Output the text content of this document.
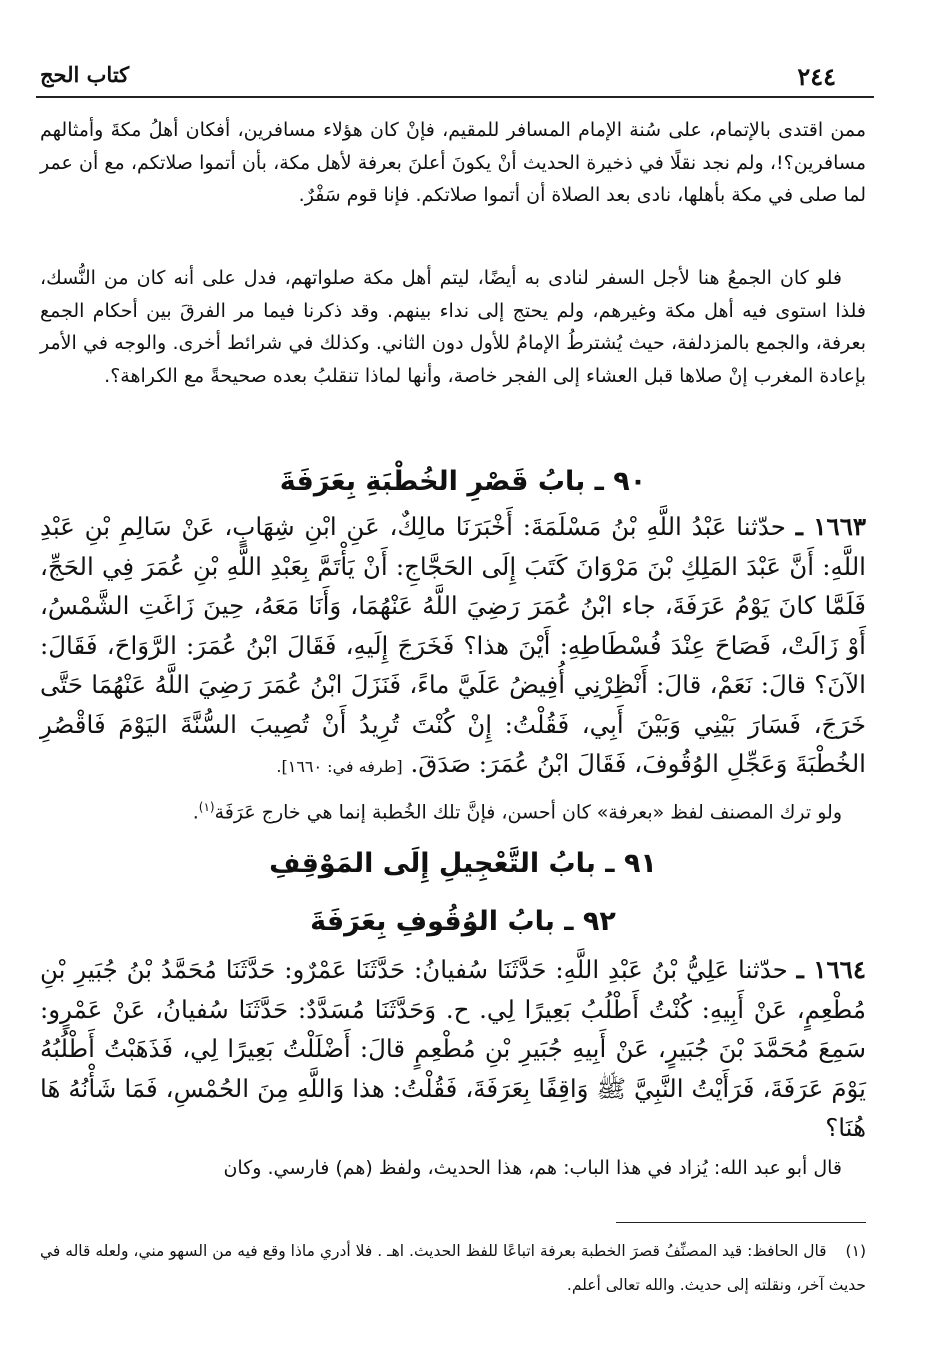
٢٤٤
كتاب الحج
ممن اقتدى بالإتمام، على سُنة الإمام المسافر للمقيم، فإنْ كان هؤلاء مسافرين، أفكان أهلُ مكةَ وأمثالهم مسافرين؟!، ولم نجد نقلًا في ذخيرة الحديث أنْ يكونَ أعلنَ بعرفة لأهل مكة، بأن أتموا صلاتكم، مع أن عمر لما صلى في مكة بأهلها، نادى بعد الصلاة أن أتموا صلاتكم. فإنا قوم سَفْرٌ.
فلو كان الجمعُ هنا لأجل السفر لنادى به أيضًا، ليتم أهل مكة صلواتهم، فدل على أنه كان من النُّسك، فلذا استوى فيه أهل مكة وغيرهم، ولم يحتج إلى نداء بينهم. وقد ذكرنا فيما مر الفرقَ بين أحكام الجمع بعرفة، والجمع بالمزدلفة، حيث يُشترطُ الإمامُ للأول دون الثاني. وكذلك في شرائط أخرى. والوجه في الأمر بإعادة المغرب إنْ صلاها قبل العشاء إلى الفجر خاصة، وأنها لماذا تنقلبُ بعده صحيحةً مع الكراهة؟.
٩٠ ـ بابُ قَصْرِ الخُطْبَةِ بِعَرَفَةَ
١٦٦٣ ـ حدّثنا عَبْدُ اللَّهِ بْنُ مَسْلَمَةَ: أَخْبَرَنَا مالِكٌ، عَنِ ابْنِ شِهَابٍ، عَنْ سَالِمِ بْنِ عَبْدِ اللَّهِ: أَنَّ عَبْدَ المَلِكِ بْنَ مَرْوَانَ كَتَبَ إِلَى الحَجَّاجِ: أَنْ يَأْتَمَّ بِعَبْدِ اللَّهِ بْنِ عُمَرَ فِي الحَجِّ، فَلَمَّا كانَ يَوْمُ عَرَفَةَ، جاء ابْنُ عُمَرَ رَضِيَ اللَّهُ عَنْهُمَا، وَأَنَا مَعَهُ، حِينَ زَاغَتِ الشَّمْسُ، أَوْ زَالَتْ، فَصَاحَ عِنْدَ فُسْطَاطِهِ: أَيْنَ هذا؟ فَخَرَجَ إِلَيهِ، فَقَالَ ابْنُ عُمَرَ: الرَّوَاحَ، فَقَالَ: الآنَ؟ قالَ: نَعَمْ، قالَ: أَنْظِرْنِي أُفِيضُ عَلَيَّ ماءً، فَنَزَلَ ابْنُ عُمَرَ رَضِيَ اللَّهُ عَنْهُمَا حَتَّى خَرَجَ، فَسَارَ بَيْنِي وَبَيْنَ أَبِي، فَقُلْتُ: إِنْ كُنْتَ تُرِيدُ أَنْ تُصِيبَ السُّنَّةَ اليَوْمَ فَاقْصُرِ الخُطْبَةَ وَعَجِّلِ الوُقُوفَ، فَقَالَ ابْنُ عُمَرَ: صَدَقَ. [طرفه في: ١٦٦٠].
ولو ترك المصنف لفظ «بعرفة» كان أحسن، فإنَّ تلك الخُطبة إنما هي خارج عَرَفَة$^{(١)}$.
٩١ ـ بابُ التَّعْجِيلِ إِلَى المَوْقِفِ
٩٢ ـ بابُ الوُقُوفِ بِعَرَفَةَ
١٦٦٤ ـ حدّثنا عَلِيُّ بْنُ عَبْدِ اللَّهِ: حَدَّثَنَا سُفيانُ: حَدَّثَنَا عَمْرٌو: حَدَّثَنَا مُحَمَّدُ بْنُ جُبَيرِ بْنِ مُطْعِمٍ، عَنْ أَبِيهِ: كُنْتُ أَطْلُبُ بَعِيرًا لِي. ح. وَحَدَّثَنَا مُسَدَّدٌ: حَدَّثَنَا سُفيانُ، عَنْ عَمْرٍو: سَمِعَ مُحَمَّدَ بْنَ جُبَيرٍ، عَنْ أَبِيهِ جُبَيرِ بْنِ مُطْعِمٍ قالَ: أَضْلَلْتُ بَعِيرًا لِي، فَذَهَبْتُ أَطْلُبُهُ يَوْمَ عَرَفَةَ، فَرَأَيْتُ النَّبِيَّ ﷺ وَاقِفًا بِعَرَفَةَ، فَقُلْتُ: هذا وَاللَّهِ مِنَ الحُمْسِ، فَمَا شَأْنُهُ هَا هُنَا؟
قال أبو عبد الله: يُزاد في هذا الباب: هم، هذا الحديث، ولفظ (هم) فارسي. وكان
(١) قال الحافظ: قيد المصنِّفُ قصرَ الخطبة بعرفة اتباعًا للفظ الحديث. اهـ . فلا أدري ماذا وقع فيه من السهو مني، ولعله قاله في حديث آخر، ونقلته إلى حديث. والله تعالى أعلم.
